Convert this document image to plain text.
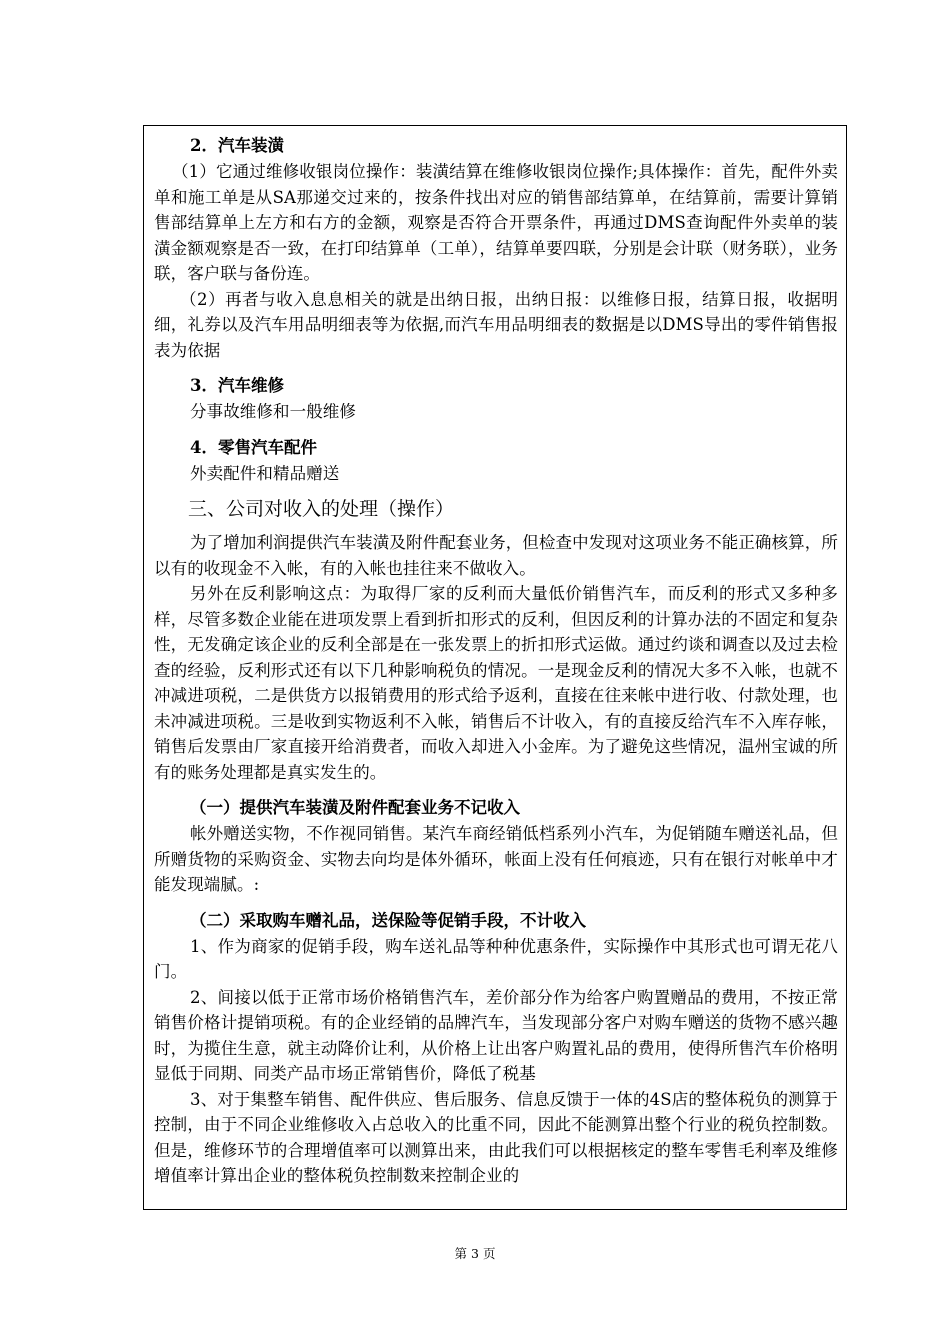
2．汽车装潢

（1）它通过维修收银岗位操作：装潢结算在维修收银岗位操作;具体操作：首先，配件外卖单和施工单是从SA那递交过来的，按条件找出对应的销售部结算单，在结算前，需要计算销售部结算单上左方和右方的金额，观察是否符合开票条件，再通过DMS查询配件外卖单的装潢金额观察是否一致，在打印结算单（工单），结算单要四联，分别是会计联（财务联），业务联，客户联与备份连。

（2）再者与收入息息相关的就是出纳日报，出纳日报：以维修日报，结算日报，收据明细，礼券以及汽车用品明细表等为依据,而汽车用品明细表的数据是以DMS导出的零件销售报表为依据

3．汽车维修

分事故维修和一般维修

4．零售汽车配件

外卖配件和精品赠送

三、公司对收入的处理（操作）

为了增加利润提供汽车装潢及附件配套业务，但检查中发现对这项业务不能正确核算，所以有的收现金不入帐，有的入帐也挂往来不做收入。

另外在反利影响这点：为取得厂家的反利而大量低价销售汽车，而反利的形式又多种多样，尽管多数企业能在进项发票上看到折扣形式的反利，但因反利的计算办法的不固定和复杂性，无发确定该企业的反利全部是在一张发票上的折扣形式运做。通过约谈和调查以及过去检查的经验，反利形式还有以下几种影响税负的情况。一是现金反利的情况大多不入帐，也就不冲减进项税，二是供货方以报销费用的形式给予返利，直接在往来帐中进行收、付款处理，也未冲减进项税。三是收到实物返利不入帐，销售后不计收入，有的直接反给汽车不入库存帐，销售后发票由厂家直接开给消费者，而收入却进入小金库。为了避免这些情况，温州宝诚的所有的账务处理都是真实发生的。

（一）提供汽车装潢及附件配套业务不记收入

帐外赠送实物，不作视同销售。某汽车商经销低档系列小汽车，为促销随车赠送礼品，但所赠货物的采购资金、实物去向均是体外循环，帐面上没有任何痕迹，只有在银行对帐单中才能发现端腻。:

（二）采取购车赠礼品，送保险等促销手段，不计收入

1、作为商家的促销手段，购车送礼品等种种优惠条件，实际操作中其形式也可谓无花八门。

2、间接以低于正常市场价格销售汽车，差价部分作为给客户购置赠品的费用，不按正常销售价格计提销项税。有的企业经销的品牌汽车，当发现部分客户对购车赠送的货物不感兴趣时，为揽住生意，就主动降价让利，从价格上让出客户购置礼品的费用，使得所售汽车价格明显低于同期、同类产品市场正常销售价，降低了税基

3、对于集整车销售、配件供应、售后服务、信息反馈于一体的4S店的整体税负的测算于控制，由于不同企业维修收入占总收入的比重不同，因此不能测算出整个行业的税负控制数。但是，维修环节的合理增值率可以测算出来，由此我们可以根据核定的整车零售毛利率及维修增值率计算出企业的整体税负控制数来控制企业的

第 3 页
